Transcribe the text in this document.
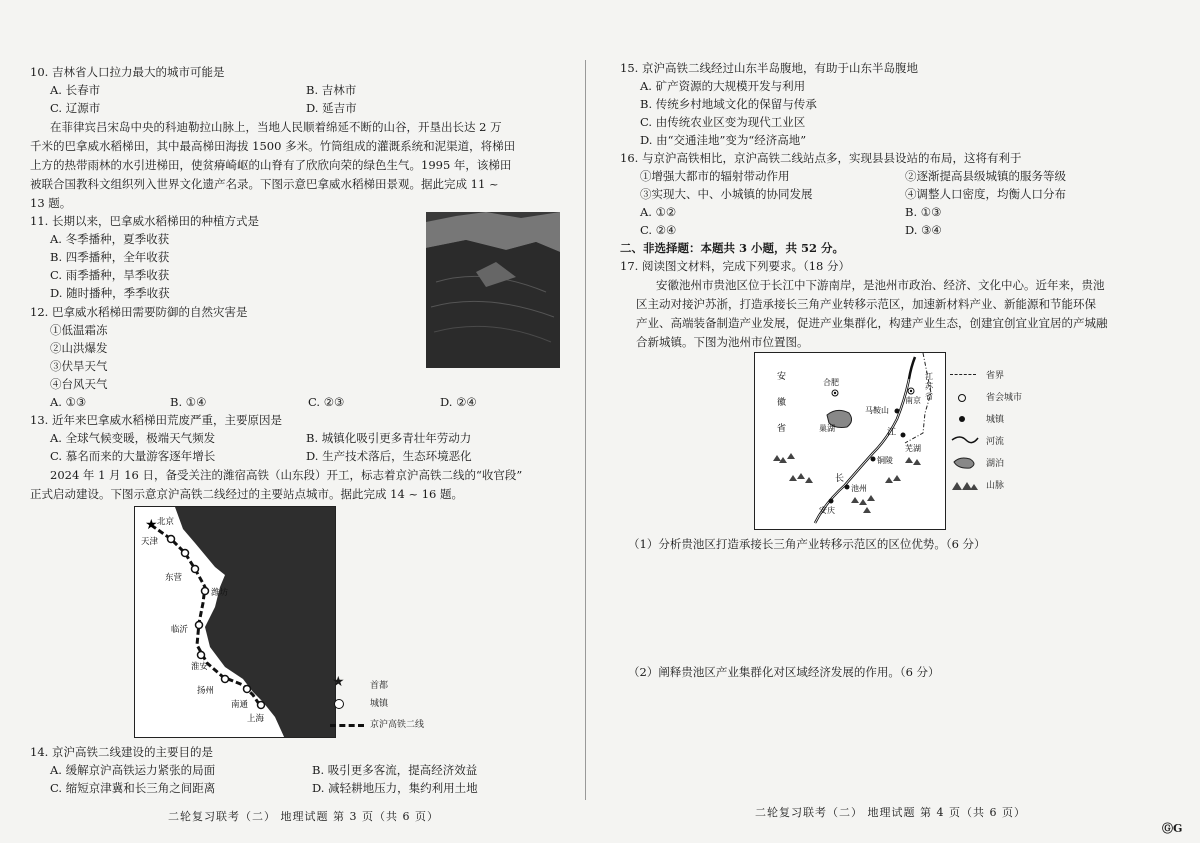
10. 吉林省人口拉力最大的城市可能是
A. 长春市	B. 吉林市
C. 辽源市	D. 延吉市
在菲律宾吕宋岛中央的科迪勒拉山脉上，当地人民顺着绵延不断的山谷，开垦出长达 2 万
千米的巴拿威水稻梯田，其中最高梯田海拔 1500 多米。竹筒组成的灌溉系统和泥渠道，将梯田
上方的热带雨林的水引进梯田，使贫瘠崎岖的山脊有了欣欣向荣的绿色生气。1995 年，该梯田
被联合国教科文组织列入世界文化遗产名录。下图示意巴拿威水稻梯田景观。据此完成 11 ~
13 题。
11. 长期以来，巴拿威水稻梯田的种植方式是
A. 冬季播种，夏季收获
B. 四季播种，全年收获
C. 雨季播种，旱季收获
D. 随时播种，季季收获
12. 巴拿威水稻梯田需要防御的自然灾害是
①低温霜冻
②山洪爆发
③伏旱天气
④台风天气
A. ①③	B. ①④	C. ②③	D. ②④
13. 近年来巴拿威水稻梯田荒废严重，主要原因是
A. 全球气候变暖，极端天气频发	B. 城镇化吸引更多青壮年劳动力
C. 慕名而来的大量游客逐年增长	D. 生产技术落后，生态环境恶化
2024 年 1 月 16 日，备受关注的潍宿高铁（山东段）开工，标志着京沪高铁二线的“收官段”
正式启动建设。下图示意京沪高铁二线经过的主要站点城市。据此完成 14 ~ 16 题。
★ 北京
天津
东营
潍坊
临沂
淮安
扬州
南通
上海
★	首都
城镇
京沪高铁二线
14. 京沪高铁二线建设的主要目的是
A. 缓解京沪高铁运力紧张的局面	B. 吸引更多客流，提高经济效益
C. 缩短京津冀和长三角之间距离	D. 减轻耕地压力，集约利用土地
二轮复习联考（二） 地理试题 第 3 页（共 6 页）
15. 京沪高铁二线经过山东半岛腹地，有助于山东半岛腹地
A. 矿产资源的大规模开发与利用
B. 传统乡村地域文化的保留与传承
C. 由传统农业区变为现代工业区
D. 由“交通洼地”变为“经济高地”
16. 与京沪高铁相比，京沪高铁二线站点多，实现县县设站的布局，这将有利于
①增强大都市的辐射带动作用	②逐渐提高县级城镇的服务等级
③实现大、中、小城镇的协同发展	④调整人口密度，均衡人口分布
A. ①②	B. ①③
C. ②④	D. ③④
二、非选择题：本题共 3 小题，共 52 分。
17. 阅读图文材料，完成下列要求。（18 分）
安徽池州市贵池区位于长江中下游南岸，是池州市政治、经济、文化中心。近年来，贵池
区主动对接沪苏浙，打造承接长三角产业转移示范区，加速新材料产业、新能源和节能环保
产业、高端装备制造产业发展，促进产业集群化，构建产业生态，创建宜创宜业宜居的产城融
合新城镇。下图为池州市位置图。
合肥
南京
马鞍山
芜湖
铜陵
池州
安庆
安
徽
省	巢湖
江
苏
省
江
长
省界
省会城市
城镇
河流
湖泊
山脉
（1）分析贵池区打造承接长三角产业转移示范区的区位优势。（6 分）
（2）阐释贵池区产业集群化对区域经济发展的作用。（6 分）
二轮复习联考（二） 地理试题 第 4 页（共 6 页）
ⒼG
